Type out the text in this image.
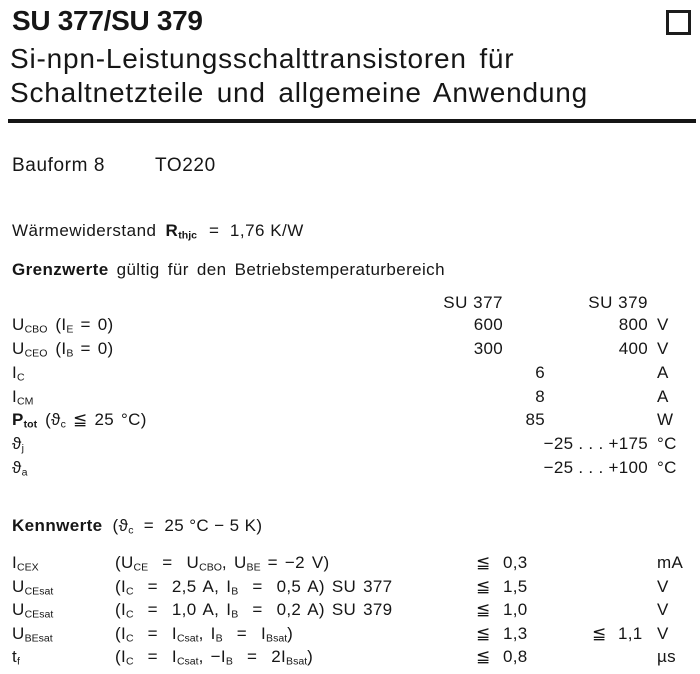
SU 377/SU 379
Si-npn-Leistungsschalttransistoren für
Schaltnetzteile und allgemeine Anwendung
Bauform 8	TO220
Wärmewiderstand $R_{thjc} = 1,76$ K/W
Grenzwerte gültig für den Betriebstemperaturbereich
SU 377	SU 379
$U_{CBO}$ $(I_E = 0)$	600	800 V
$U_{CEO}$ $(I_B = 0)$	300	400 V
$I_C$	6	A
$I_{CM}$	8	A
$P_{tot}$ ($ϑ_c$ ≦ 25 °C)	85	W
$ϑ_j$	−25 . . . +175 °C
$ϑ_a$	−25 . . . +100 °C
Kennwerte ($ϑ_c = 25$ °C − 5 K)
$I_{CEX}$	($U_{CE} = U_{CBO}$, $U_{BE} = -2$ V)	≦ 0,3	mA
$U_{CEsat}$	($I_C = 2,5$ A, $I_B = 0,5$ A) SU 377	≦ 1,5	V
$U_{CEsat}$	($I_C = 1,0$ A, $I_B = 0,2$ A) SU 379	≦ 1,0	V
$U_{BEsat}$	($I_C = I_{Csat}$, $I_B = I_{Bsat}$)	≦ 1,3	≦ 1,1 V
$t_f$	($I_C = I_{Csat}$, $-I_B = 2I_{Bsat}$)	≦ 0,8	µs
